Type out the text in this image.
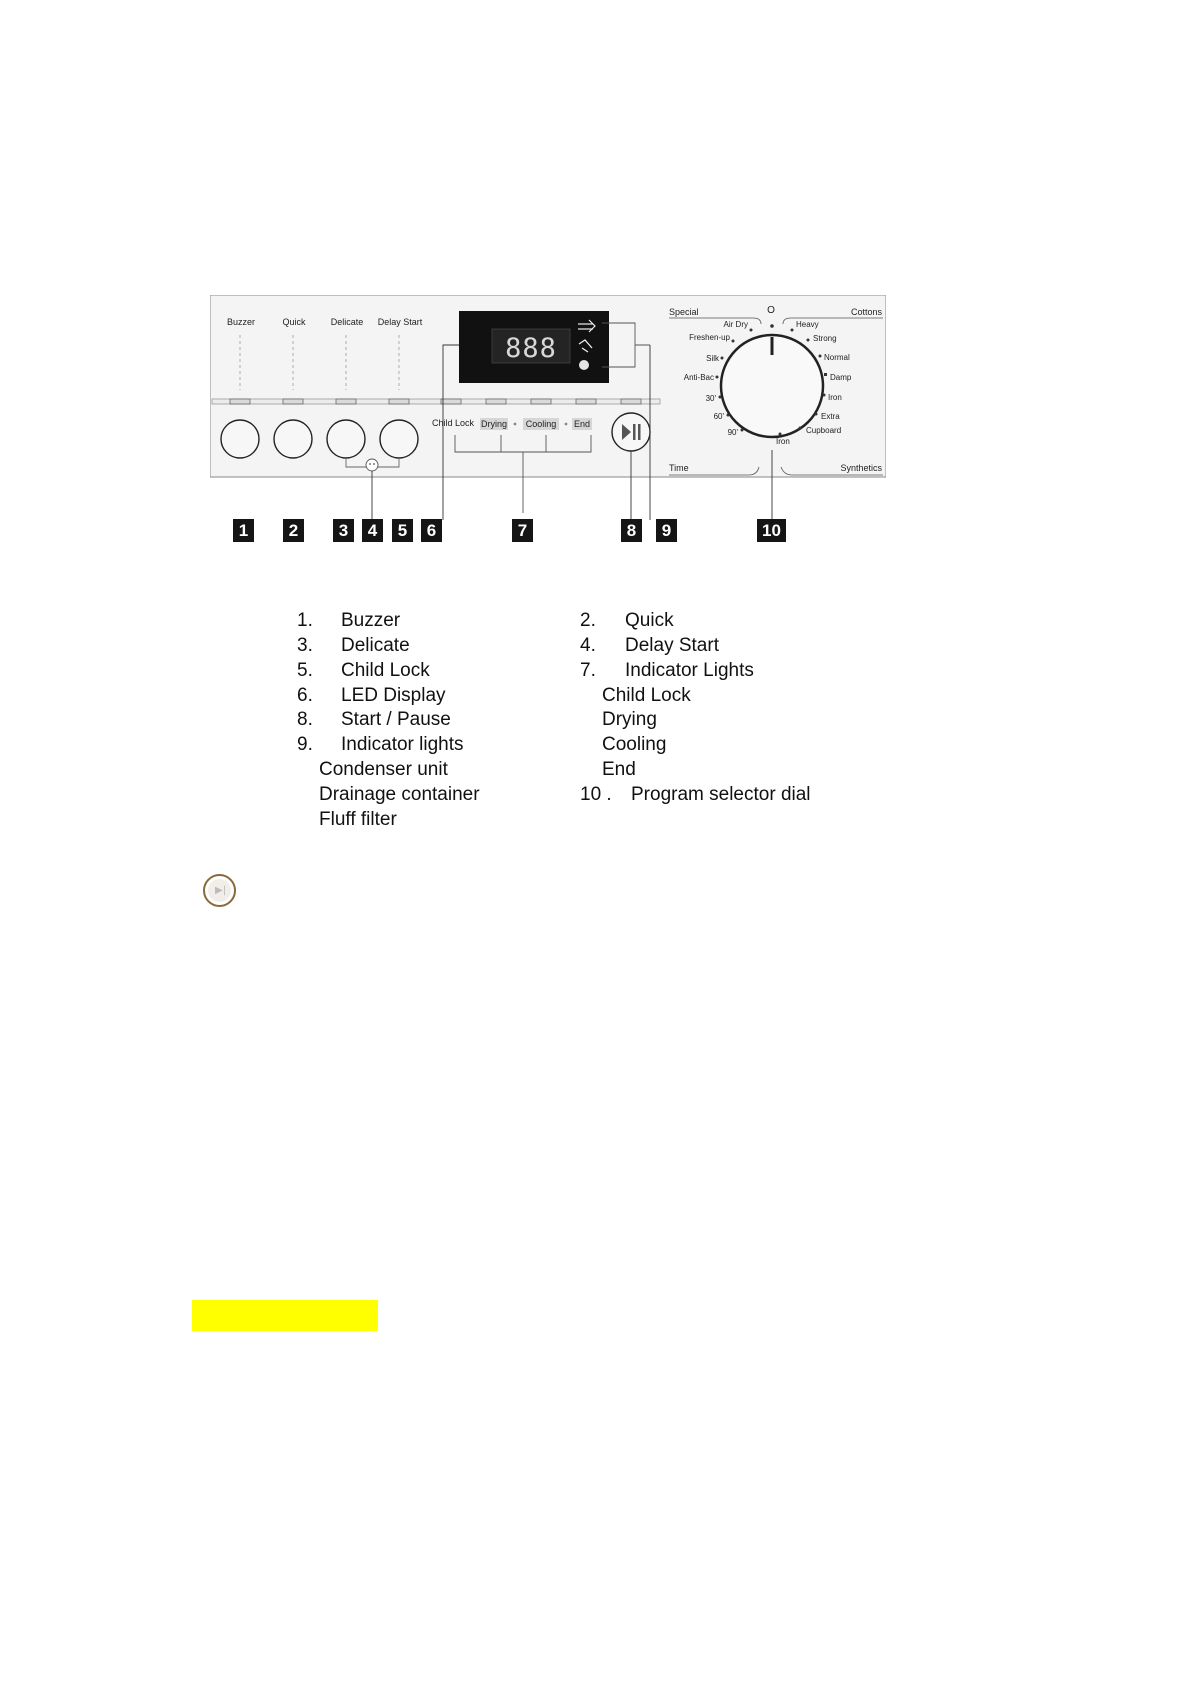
Buzzer	Quick	Delicate Delay Start
888
Child Lock Drying Cooling End
Special	Cottons
Time	Synthetics
O
Air Dry
Freshen-up
Silk
Anti-Bac
30'
60'
90'
Heavy
Strong
Normal
Damp
Iron
Extra
Cupboard
Iron
1	2	3	4	5	6	7	8	9	10
1. Buzzer
3. Delicate
5. Child Lock
6. LED Display
8. Start / Pause
9. Indicator lights
Condenser unit
Drainage container
Fluff filter
2. Quick
4. Delay Start
7. Indicator Lights
Child Lock
Drying
Cooling
End
10 . Program selector dial
▶|
